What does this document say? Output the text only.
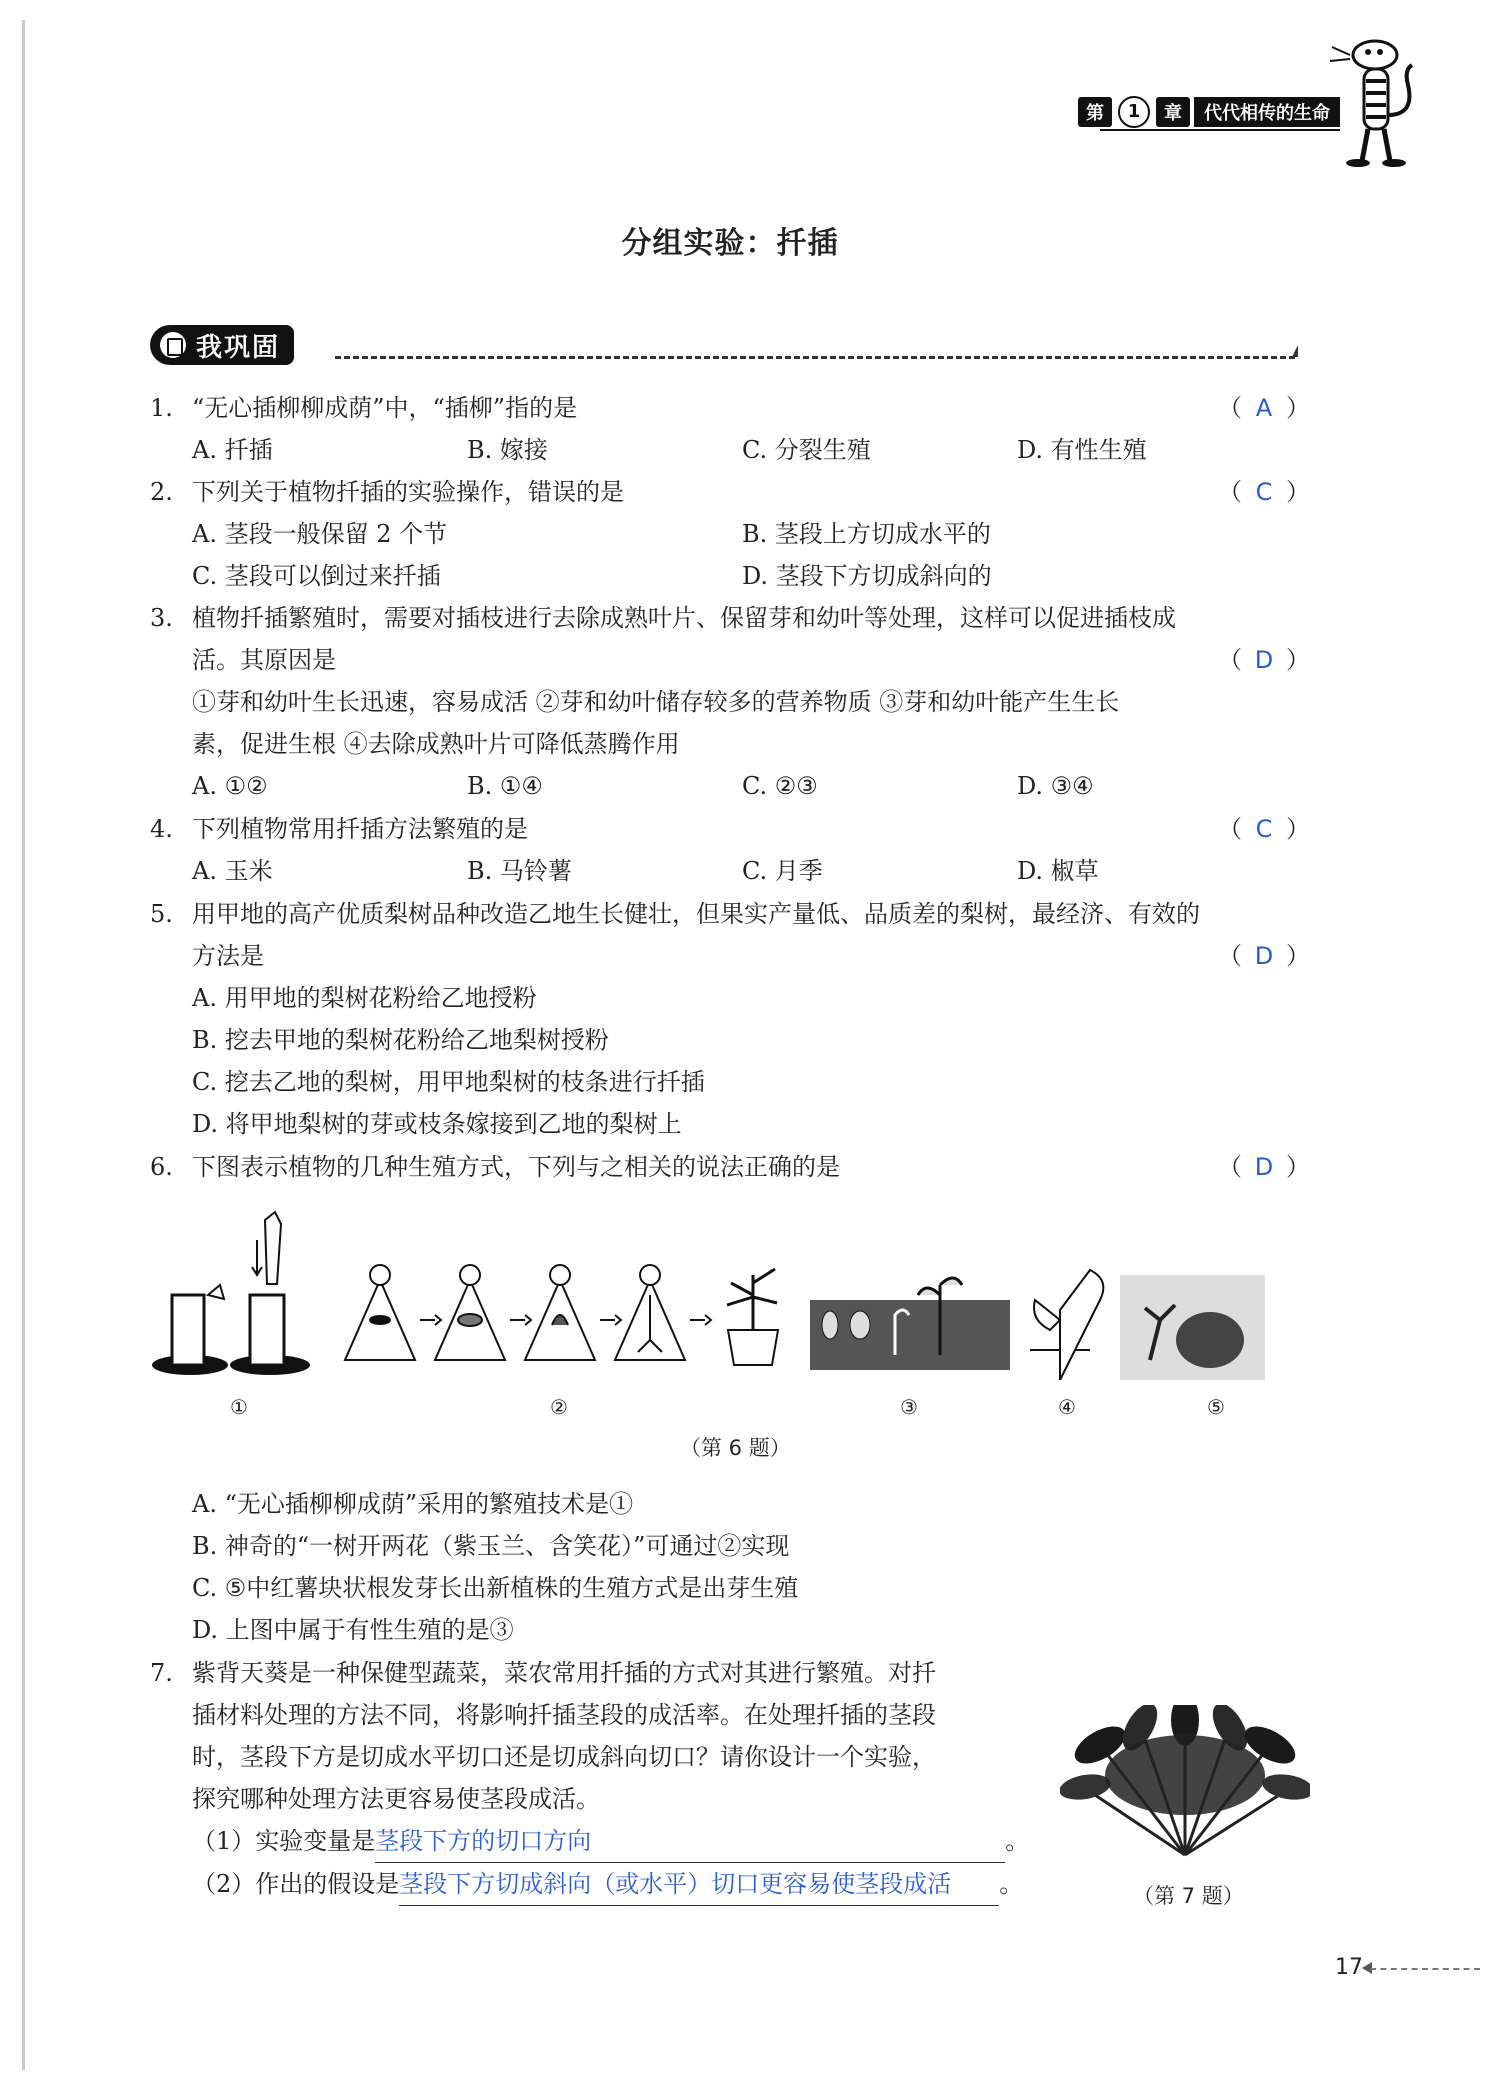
第	1	章	代代相传的生命
分组实验：扦插
我巩固
1. “无心插柳柳成荫”中，“插柳”指的是	（ A ）
A. 扦插	B. 嫁接	C. 分裂生殖	D. 有性生殖
2. 下列关于植物扦插的实验操作，错误的是	（ C ）
A. 茎段一般保留 2 个节	B. 茎段上方切成水平的
C. 茎段可以倒过来扦插	D. 茎段下方切成斜向的
3. 植物扦插繁殖时，需要对插枝进行去除成熟叶片、保留芽和幼叶等处理，这样可以促进插枝成
活。其原因是	（ D ）
①芽和幼叶生长迅速，容易成活 ②芽和幼叶储存较多的营养物质 ③芽和幼叶能产生生长
素，促进生根 ④去除成熟叶片可降低蒸腾作用
A. ①②	B. ①④	C. ②③	D. ③④
4. 下列植物常用扦插方法繁殖的是	（ C ）
A. 玉米	B. 马铃薯	C. 月季	D. 椒草
5. 用甲地的高产优质梨树品种改造乙地生长健壮，但果实产量低、品质差的梨树，最经济、有效的
方法是	（ D ）
A. 用甲地的梨树花粉给乙地授粉
B. 挖去甲地的梨树花粉给乙地梨树授粉
C. 挖去乙地的梨树，用甲地梨树的枝条进行扦插
D. 将甲地梨树的芽或枝条嫁接到乙地的梨树上
6. 下图表示植物的几种生殖方式，下列与之相关的说法正确的是	（ D ）
①	②	③	④	⑤
（第 6 题）
A. “无心插柳柳成荫”采用的繁殖技术是①
B. 神奇的“一树开两花（紫玉兰、含笑花）”可通过②实现
C. ⑤中红薯块状根发芽长出新植株的生殖方式是出芽生殖
D. 上图中属于有性生殖的是③
7. 紫背天葵是一种保健型蔬菜，菜农常用扦插的方式对其进行繁殖。对扦
插材料处理的方法不同，将影响扦插茎段的成活率。在处理扦插的茎段
时，茎段下方是切成水平切口还是切成斜向切口？请你设计一个实验，
探究哪种处理方法更容易使茎段成活。
（1）实验变量是茎段下方的切口方向	。
（2）作出的假设是茎段下方切成斜向（或水平）切口更容易使茎段成活 。	（第 7 题）
17
